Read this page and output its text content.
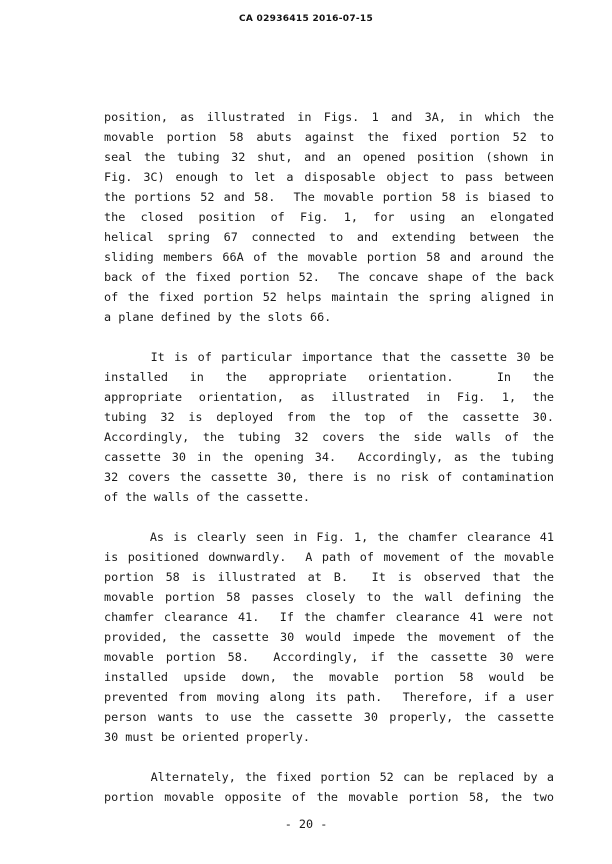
CA 02936415 2016-07-15
position, as illustrated in Figs. 1 and 3A, in which the
movable portion 58 abuts against the fixed portion 52 to
seal the tubing 32 shut, and an opened position (shown in
Fig. 3C) enough to let a disposable object to pass between
the portions 52 and 58.  The movable portion 58 is biased to
the closed position of Fig. 1, for using an elongated
helical spring 67 connected to and extending between the
sliding members 66A of the movable portion 58 and around the
back of the fixed portion 52.  The concave shape of the back
of the fixed portion 52 helps maintain the spring aligned in
a plane defined by the slots 66.
It is of particular importance that the cassette 30 be
installed in the appropriate orientation.  In the
appropriate orientation, as illustrated in Fig. 1, the
tubing 32 is deployed from the top of the cassette 30.
Accordingly, the tubing 32 covers the side walls of the
cassette 30 in the opening 34.  Accordingly, as the tubing
32 covers the cassette 30, there is no risk of contamination
of the walls of the cassette.
As is clearly seen in Fig. 1, the chamfer clearance 41
is positioned downwardly.  A path of movement of the movable
portion 58 is illustrated at B.  It is observed that the
movable portion 58 passes closely to the wall defining the
chamfer clearance 41.  If the chamfer clearance 41 were not
provided, the cassette 30 would impede the movement of the
movable portion 58.  Accordingly, if the cassette 30 were
installed upside down, the movable portion 58 would be
prevented from moving along its path.  Therefore, if a user
person wants to use the cassette 30 properly, the cassette
30 must be oriented properly.
Alternately, the fixed portion 52 can be replaced by a
portion movable opposite of the movable portion 58, the two
- 20 -
